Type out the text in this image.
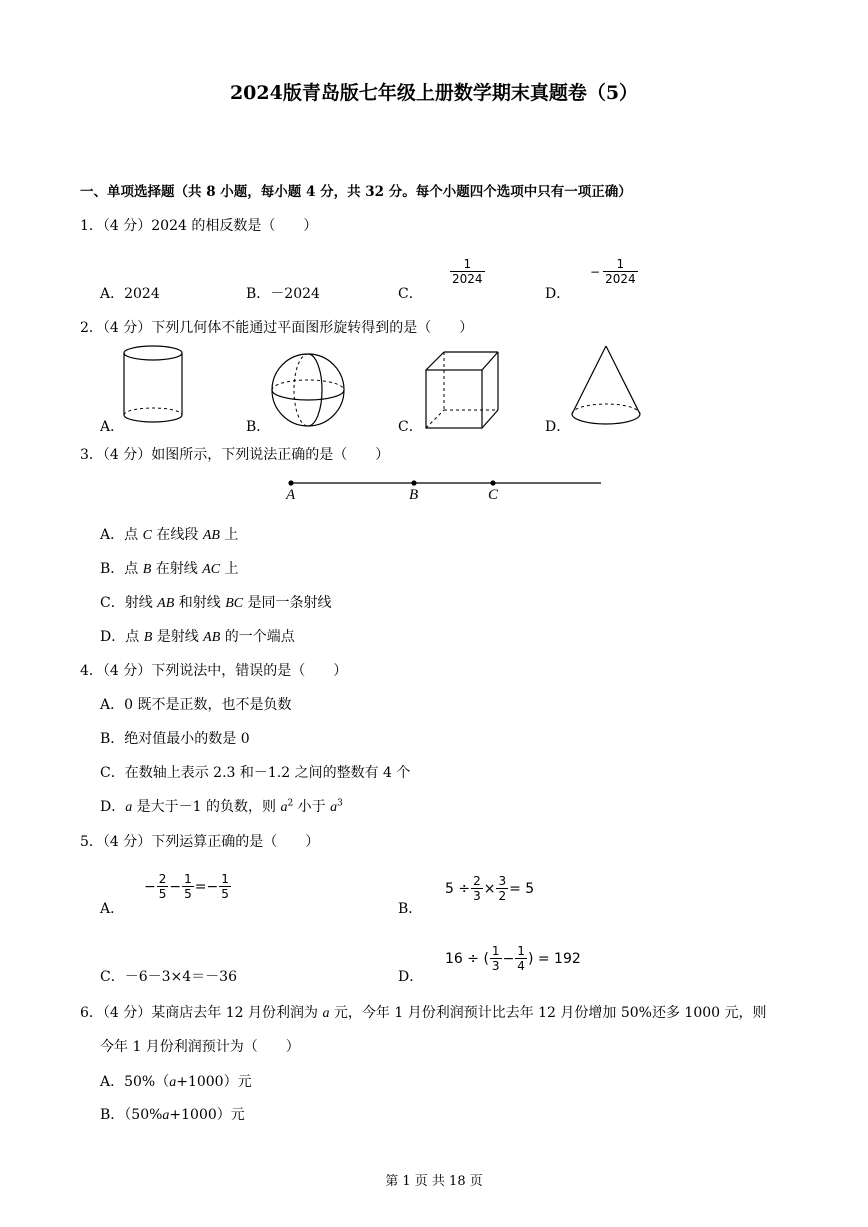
2024版青岛版七年级上册数学期末真题卷（5）
一、单项选择题（共 8 小题，每小题 4 分，共 32 分。每个小题四个选项中只有一项正确）
1．（4 分）2024 的相反数是（　　）
A．2024	B．－2024	C．
$\frac{1}{2024}$
D．
− $\frac{1}{2024}$
2．（4 分）下列几何体不能通过平面图形旋转得到的是（　　）
A．	B．	C．	D．
3．（4 分）如图所示，下列说法正确的是（　　）
A	B	C
A．点 C 在线段 AB 上
B．点 B 在射线 AC 上
C．射线 AB 和射线 BC 是同一条射线
D．点 B 是射线 AB 的一个端点
4．（4 分）下列说法中，错误的是（　　）
A．0 既不是正数，也不是负数
B．绝对值最小的数是 0
C．在数轴上表示 2.3 和－1.2 之间的整数有 4 个
D．a 是大于－1 的负数，则 $a^2$ 小于 $a^3$
5．（4 分）下列运算正确的是（　　）
A．
− $\frac{2}{5} - \frac{1}{5} =- \frac{1}{5}$
B．
$5 \div \frac{2}{3} \times \frac{3}{2} = 5$
C．－6－3×4＝－36	D．
16 ÷ ( $\frac{1}{3} - \frac{1}{4}$ ) = 192
6．（4 分）某商店去年 12 月份利润为 a 元，今年 1 月份利润预计比去年 12 月份增加 50%还多 1000 元，则
今年 1 月份利润预计为（　　）
A．50%（a+1000）元
B．（50%a+1000）元
第 1 页 共 18 页
